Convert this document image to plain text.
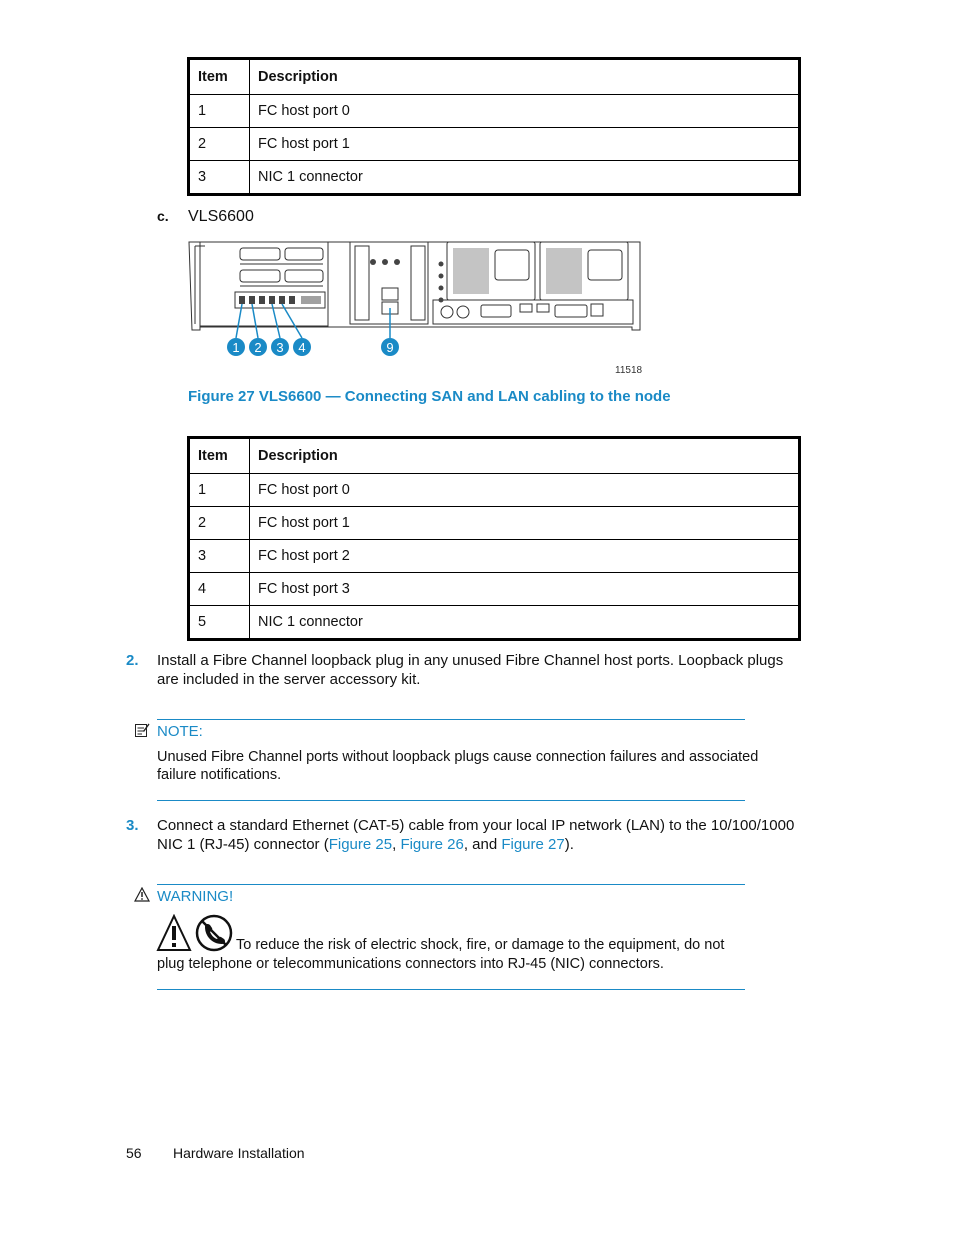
Item	Description
1	FC host port 0
2	FC host port 1
3	NIC 1 connector
c. VLS6600
1 2 3 4	9
11518
Figure 27 VLS6600 — Connecting SAN and LAN cabling to the node
Item	Description
1	FC host port 0
2	FC host port 1
3	FC host port 2
4	FC host port 3
5	NIC 1 connector
2. Install a Fibre Channel loopback plug in any unused Fibre Channel host ports. Loopback plugs
are included in the server accessory kit.
NOTE:
Unused Fibre Channel ports without loopback plugs cause connection failures and associated
failure notifications.
3. Connect a standard Ethernet (CAT-5) cable from your local IP network (LAN) to the 10/100/1000
NIC 1 (RJ-45) connector (Figure 25, Figure 26, and Figure 27).
WARNING!
To reduce the risk of electric shock, fire, or damage to the equipment, do not
plug telephone or telecommunications connectors into RJ-45 (NIC) connectors.
56 Hardware Installation
